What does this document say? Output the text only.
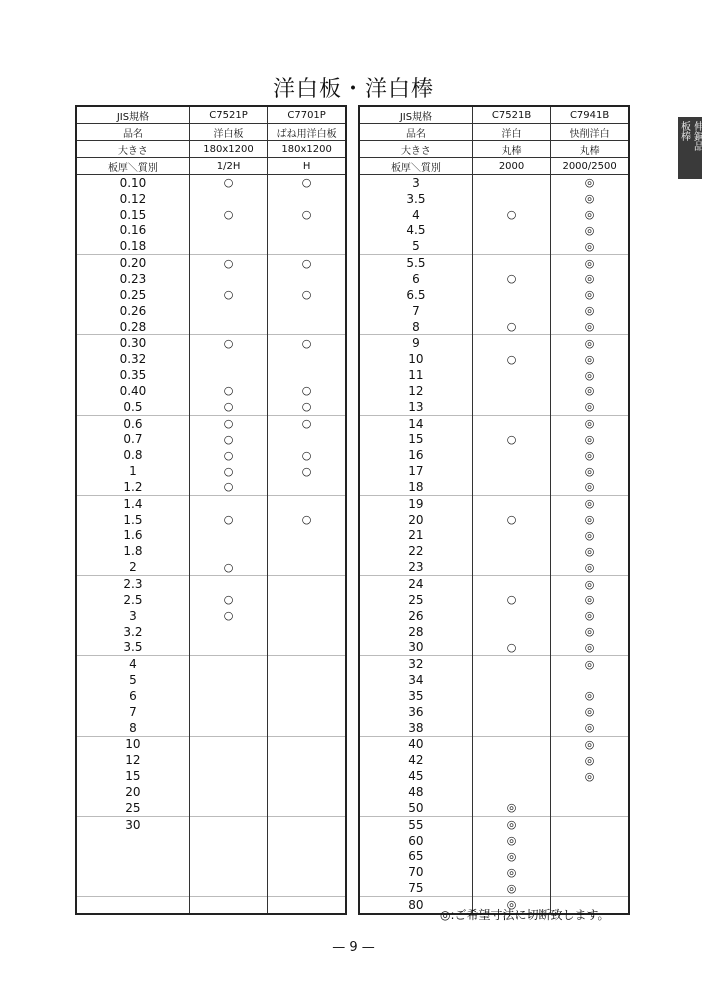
洋白板・洋白棒
伸銅品
板棒
JIS規格	C7521P	C7701P
品名	洋白板	ばね用洋白板
大きさ	180x1200	180x1200
板厚＼質別	1/2H	H
0.10	○	○
0.12		
0.15	○	○
0.16		
0.18		
0.20	○	○
0.23		
0.25	○	○
0.26		
0.28		
0.30	○	○
0.32		
0.35		
0.40	○	○
0.5	○	○
0.6	○	○
0.7	○	
0.8	○	○
1	○	○
1.2	○	
1.4		
1.5	○	○
1.6		
1.8		
2	○	
2.3		
2.5	○	
3	○	
3.2		
3.5		
4		
5		
6		
7		
8		
10		
12		
15		
20		
25		
30		

JIS規格	C7521B	C7941B
品名	洋白	快削洋白
大きさ	丸棒	丸棒
板厚＼質別	2000	2000/2500
3		◎
3.5		◎
4	○	◎
4.5		◎
5		◎
5.5		◎
6	○	◎
6.5		◎
7		◎
8	○	◎
9		◎
10	○	◎
11		◎
12		◎
13		◎
14		◎
15	○	◎
16		◎
17		◎
18		◎
19		◎
20	○	◎
21		◎
22		◎
23		◎
24		◎
25	○	◎
26		◎
28		◎
30	○	◎
32		◎
34		
35		◎
36		◎
38		◎
40		◎
42		◎
45		◎
48		
50	◎	
55	◎	
60	◎	
65	◎	
70	◎	
75	◎	
80	◎	
◎:ご希望寸法に切断致します。
— 9 —
